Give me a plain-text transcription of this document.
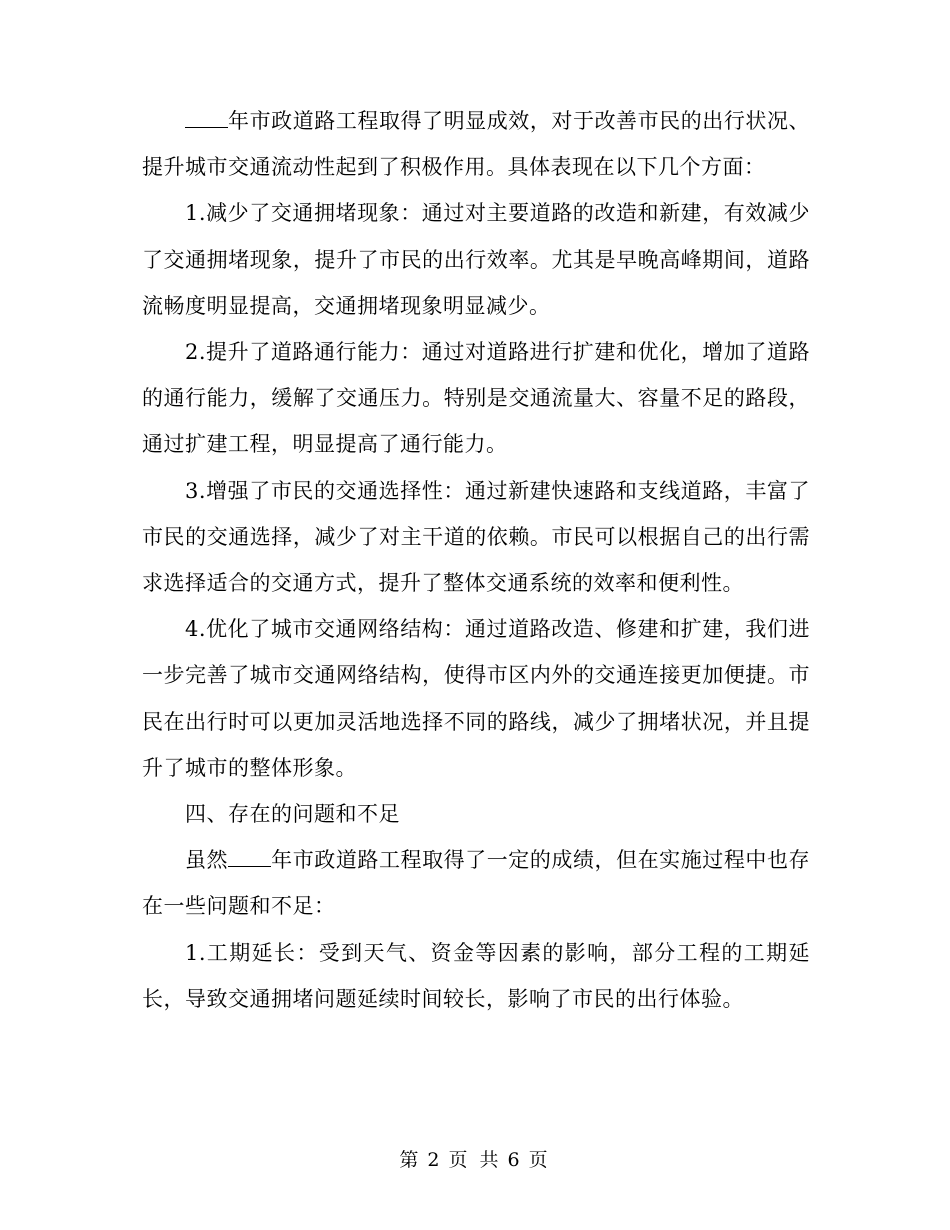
年市政道路工程取得了明显成效，对于改善市民的出行状况、提升城市交通流动性起到了积极作用。具体表现在以下几个方面：

1.减少了交通拥堵现象：通过对主要道路的改造和新建，有效减少了交通拥堵现象，提升了市民的出行效率。尤其是早晚高峰期间，道路流畅度明显提高，交通拥堵现象明显减少。

2.提升了道路通行能力：通过对道路进行扩建和优化，增加了道路的通行能力，缓解了交通压力。特别是交通流量大、容量不足的路段，通过扩建工程，明显提高了通行能力。

3.增强了市民的交通选择性：通过新建快速路和支线道路，丰富了市民的交通选择，减少了对主干道的依赖。市民可以根据自己的出行需求选择适合的交通方式，提升了整体交通系统的效率和便利性。

4.优化了城市交通网络结构：通过道路改造、修建和扩建，我们进一步完善了城市交通网络结构，使得市区内外的交通连接更加便捷。市民在出行时可以更加灵活地选择不同的路线，减少了拥堵状况，并且提升了城市的整体形象。

四、存在的问题和不足

虽然 年市政道路工程取得了一定的成绩，但在实施过程中也存在一些问题和不足：

1.工期延长：受到天气、资金等因素的影响，部分工程的工期延长，导致交通拥堵问题延续时间较长，影响了市民的出行体验。

第 2 页 共 6 页
